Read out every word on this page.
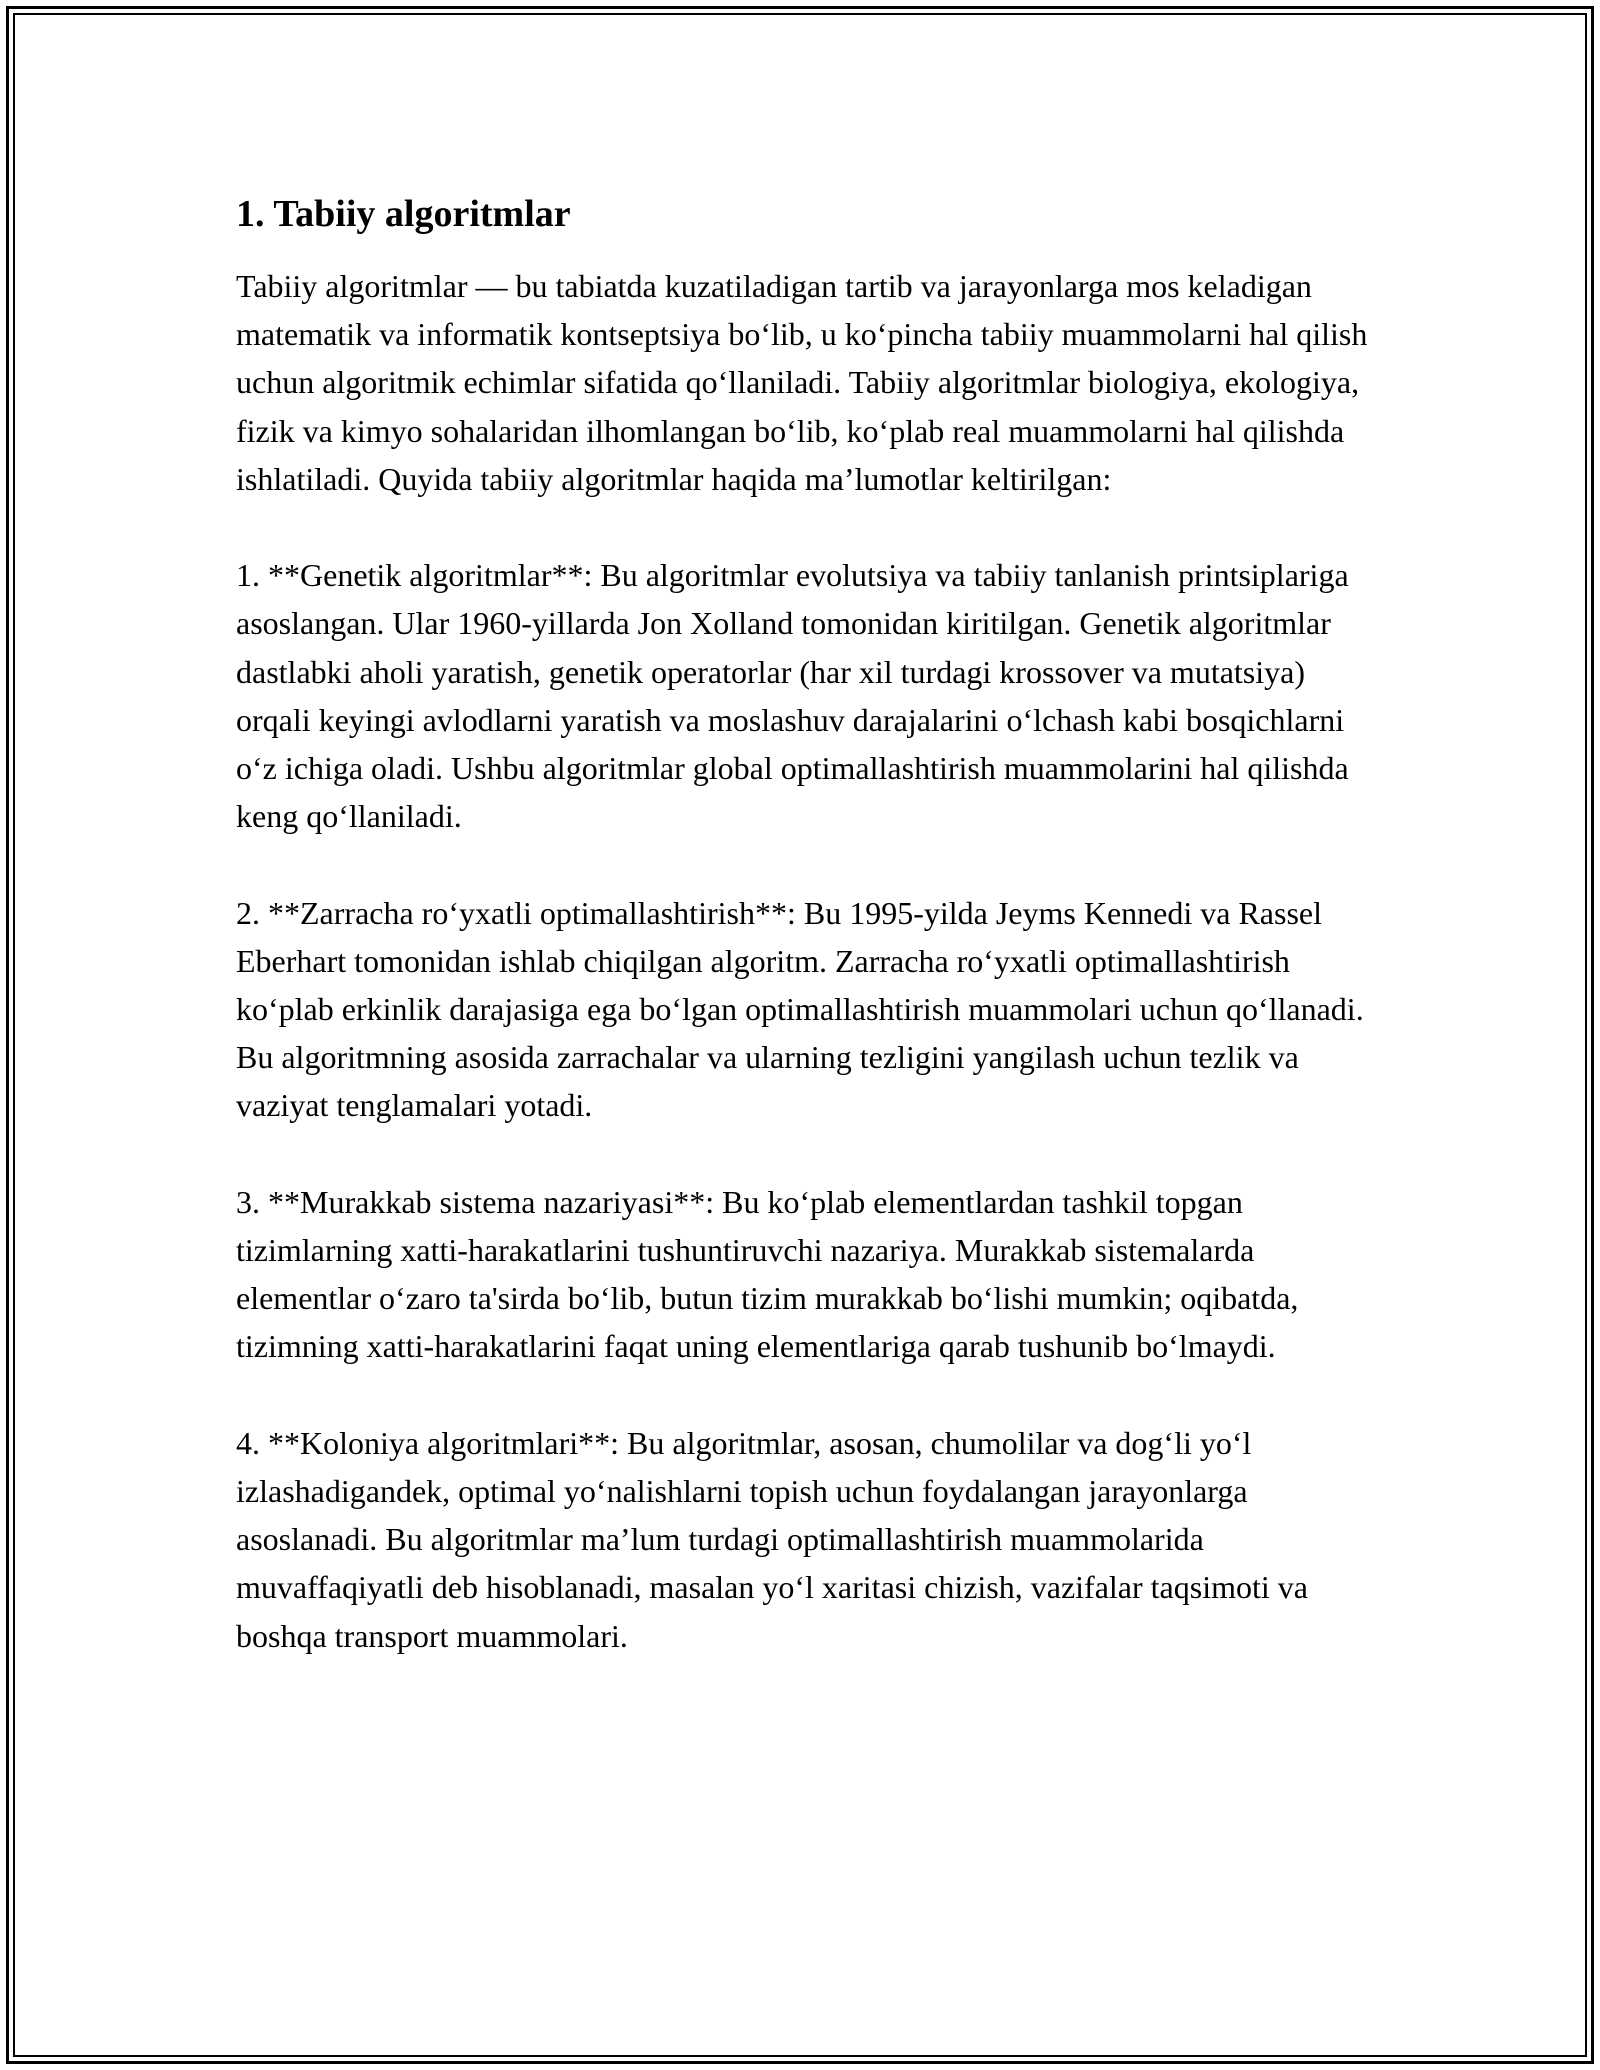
1. Tabiiy algoritmlar

Tabiiy algoritmlar — bu tabiatda kuzatiladigan tartib va jarayonlarga mos keladigan matematik va informatik kontseptsiya bo‘lib, u ko‘pincha tabiiy muammolarni hal qilish uchun algoritmik echimlar sifatida qo‘llaniladi. Tabiiy algoritmlar biologiya, ekologiya, fizik va kimyo sohalaridan ilhomlangan bo‘lib, ko‘plab real muammolarni hal qilishda ishlatiladi. Quyida tabiiy algoritmlar haqida ma’lumotlar keltirilgan:

1. **Genetik algoritmlar**: Bu algoritmlar evolutsiya va tabiiy tanlanish printsiplariga asoslangan. Ular 1960-yillarda Jon Xolland tomonidan kiritilgan. Genetik algoritmlar dastlabki aholi yaratish, genetik operatorlar (har xil turdagi krossover va mutatsiya) orqali keyingi avlodlarni yaratish va moslashuv darajalarini o‘lchash kabi bosqichlarni o‘z ichiga oladi. Ushbu algoritmlar global optimallashtirish muammolarini hal qilishda keng qo‘llaniladi.

2. **Zarracha ro‘yxatli optimallashtirish**: Bu 1995-yilda Jeyms Kennedi va Rassel Eberhart tomonidan ishlab chiqilgan algoritm. Zarracha ro‘yxatli optimallashtirish ko‘plab erkinlik darajasiga ega bo‘lgan optimallashtirish muammolari uchun qo‘llanadi. Bu algoritmning asosida zarrachalar va ularning tezligini yangilash uchun tezlik va vaziyat tenglamalari yotadi.

3. **Murakkab sistema nazariyasi**: Bu ko‘plab elementlardan tashkil topgan tizimlarning xatti-harakatlarini tushuntiruvchi nazariya. Murakkab sistemalarda elementlar o‘zaro ta'sirda bo‘lib, butun tizim murakkab bo‘lishi mumkin; oqibatda, tizimning xatti-harakatlarini faqat uning elementlariga qarab tushunib bo‘lmaydi.

4. **Koloniya algoritmlari**: Bu algoritmlar, asosan, chumolilar va dog‘li yo‘l izlashadigandek, optimal yo‘nalishlarni topish uchun foydalangan jarayonlarga asoslanadi. Bu algoritmlar ma’lum turdagi optimallashtirish muammolarida muvaffaqiyatli deb hisoblanadi, masalan yo‘l xaritasi chizish, vazifalar taqsimoti va boshqa transport muammolari.
